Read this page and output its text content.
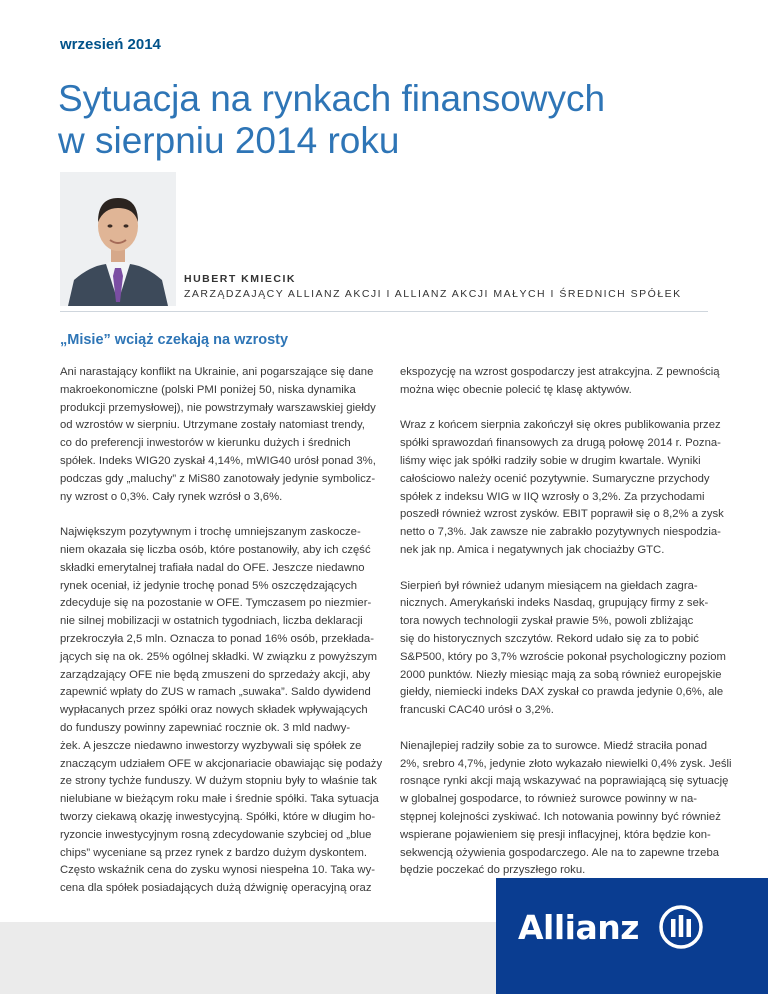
wrzesień 2014
Sytuacja na rynkach finansowych
w sierpniu 2014 roku
HUBERT KMIECIK
ZARZĄDZAJĄCY ALLIANZ AKCJI I ALLIANZ AKCJI MAŁYCH I ŚREDNICH SPÓŁEK
„Misie” wciąż czekają na wzrosty

Ani narastający konflikt na Ukrainie, ani pogarszające się dane
makroekonomiczne (polski PMI poniżej 50, niska dynamika
produkcji przemysłowej), nie powstrzymały warszawskiej giełdy
od wzrostów w sierpniu. Utrzymane zostały natomiast trendy,
co do preferencji inwestorów w kierunku dużych i średnich
spółek. Indeks WIG20 zyskał 4,14%, mWIG40 urósł ponad 3%,
podczas gdy „maluchy” z MiS80 zanotowały jedynie symbolicz-
ny wzrost o 0,3%. Cały rynek wzrósł o 3,6%.

Największym pozytywnym i trochę umniejszanym zaskocze-
niem okazała się liczba osób, które postanowiły, aby ich część
składki emerytalnej trafiała nadal do OFE. Jeszcze niedawno
rynek oceniał, iż jedynie trochę ponad 5% oszczędzających
zdecyduje się na pozostanie w OFE. Tymczasem po niezmier-
nie silnej mobilizacji w ostatnich tygodniach, liczba deklaracji
przekroczyła 2,5 mln. Oznacza to ponad 16% osób, przekłada-
jących się na ok. 25% ogólnej składki. W związku z powyższym
zarządzający OFE nie będą zmuszeni do sprzedaży akcji, aby
zapewnić wpłaty do ZUS w ramach „suwaka”. Saldo dywidend
wypłacanych przez spółki oraz nowych składek wpływających
do funduszy powinny zapewniać rocznie ok. 3 mld nadwy-
żek. A jeszcze niedawno inwestorzy wyzbywali się spółek ze
znaczącym udziałem OFE w akcjonariacie obawiając się podaży
ze strony tychże funduszy. W dużym stopniu były to właśnie tak
nielubiane w bieżącym roku małe i średnie spółki. Taka sytuacja
tworzy ciekawą okazję inwestycyjną. Spółki, które w długim ho-
ryzoncie inwestycyjnym rosną zdecydowanie szybciej od „blue
chips” wyceniane są przez rynek z bardzo dużym dyskontem.
Często wskaźnik cena do zysku wynosi niespełna 10. Taka wy-
cena dla spółek posiadających dużą dźwignię operacyjną oraz

ekspozycję na wzrost gospodarczy jest atrakcyjna. Z pewnością
można więc obecnie polecić tę klasę aktywów.

Wraz z końcem sierpnia zakończył się okres publikowania przez
spółki sprawozdań finansowych za drugą połowę 2014 r. Pozna-
liśmy więc jak spółki radziły sobie w drugim kwartale. Wyniki
całościowo należy ocenić pozytywnie. Sumaryczne przychody
spółek z indeksu WIG w IIQ wzrosły o 3,2%. Za przychodami
poszedł również wzrost zysków. EBIT poprawił się o 8,2% a zysk
netto o 7,3%. Jak zawsze nie zabrakło pozytywnych niespodzia-
nek jak np. Amica i negatywnych jak chociażby GTC.

Sierpień był również udanym miesiącem na giełdach zagra-
nicznych. Amerykański indeks Nasdaq, grupujący firmy z sek-
tora nowych technologii zyskał prawie 5%, powoli zbliżając
się do historycznych szczytów. Rekord udało się za to pobić
S&P500, który po 3,7% wzroście pokonał psychologiczny poziom
2000 punktów. Niezły miesiąc mają za sobą również europejskie
giełdy, niemiecki indeks DAX zyskał co prawda jedynie 0,6%, ale
francuski CAC40 urósł o 3,2%.

Nienajlepiej radziły sobie za to surowce. Miedź straciła ponad
2%, srebro 4,7%, jedynie złoto wykazało niewielki 0,4% zysk. Jeśli
rosnące rynki akcji mają wskazywać na poprawiającą się sytuację
w globalnej gospodarce, to również surowce powinny w na-
stępnej kolejności zyskiwać. Ich notowania powinny być również
wspierane pojawieniem się presji inflacyjnej, która będzie kon-
sekwencją ożywienia gospodarczego. Ale na to zapewne trzeba
będzie poczekać do przyszłego roku.

Allianz
